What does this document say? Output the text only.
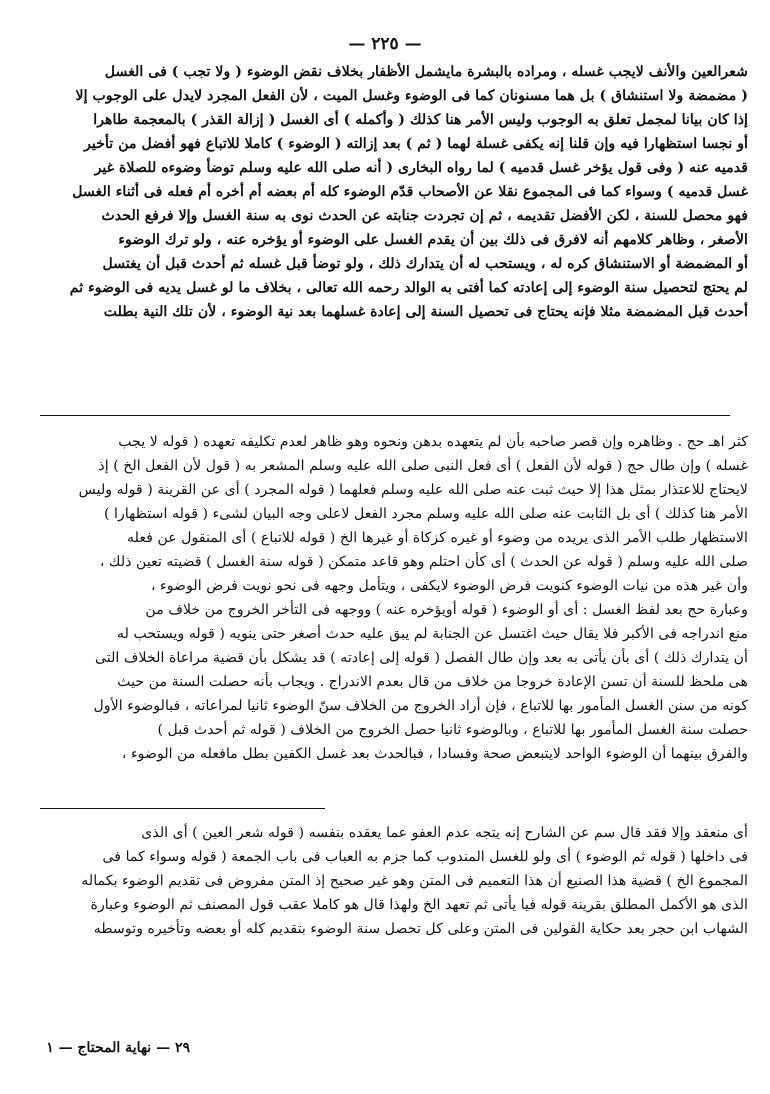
— ٢٢٥ —
شعرالعين والأنف لايجب غسله ، ومراده بالبشرة مايشمل الأظفار بخلاف نقض الوضوء ( ولا تجب ) فى الغسل
( مضمضة ولا استنشاق ) بل هما مسنونان كما فى الوضوء وغسل الميت ، لأن الفعل المجرد لايدل على الوجوب إلا
إذا كان بيانا لمجمل تعلق به الوجوب وليس الأمر هنا كذلك ( وأكمله ) أى الغسل ( إزالة القذر ) بالمعجمة طاهرا
أو نجسا استظهارا فيه وإن قلنا إنه يكفى غسلة لهما ( ثم ) بعد إزالته ( الوضوء ) كاملا للاتباع فهو أفضل من تأخير
قدميه عنه ( وفى قول يؤخر غسل قدميه ) لما رواه البخارى ( أنه صلى الله عليه وسلم توضأ وضوءه للصلاة غير
غسل قدميه ) وسواء كما فى المجموع نقلا عن الأصحاب قدّم الوضوء كله أم بعضه أم أخره أم فعله فى أثناء الغسل
فهو محصل للسنة ، لكن الأفضل تقديمه ، ثم إن تجردت جنابته عن الحدث نوى به سنة الغسل وإلا فرفع الحدث
الأصغر ، وظاهر كلامهم أنه لافرق فى ذلك بين أن يقدم الغسل على الوضوء أو يؤخره عنه ، ولو ترك الوضوء
أو المضمضة أو الاستنشاق كره له ، ويستحب له أن يتدارك ذلك ، ولو توضأ قبل غسله ثم أحدث قبل أن يغتسل
لم يحتج لتحصيل سنة الوضوء إلى إعادته كما أفتى به الوالد رحمه الله تعالى ، بخلاف ما لو غسل يديه فى الوضوء ثم
أحدث قبل المضمضة مثلا فإنه يحتاج فى تحصيل السنة إلى إعادة غسلهما بعد نية الوضوء ، لأن تلك النية بطلت
كثر اهـ حج . وظاهره وإن قصر صاحبه بأن لم يتعهده بدهن ونحوه وهو ظاهر لعدم تكليفه تعهده ( قوله لا يجب
غسله ) وإن طال حج ( قوله لأن الفعل ) أى فعل النبى صلى الله عليه وسلم المشعر به ( قول لأن الفعل الخ ) إذ
لايحتاج للاعتذار بمثل هذا إلا حيث ثبت عنه صلى الله عليه وسلم فعلهما ( قوله المجرد ) أى عن القرينة ( قوله وليس
الأمر هنا كذلك ) أى بل الثابت عنه صلى الله عليه وسلم مجرد الفعل لاعلى وجه البيان لشىء ( قوله استظهارا )
الاستظهار طلب الأمر الذى يريده من وضوء أو غيره كزكاة أو غيرها الخ ( قوله للاتباع ) أى المنقول عن فعله
صلى الله عليه وسلم ( قوله عن الحدث ) أى كأن احتلم وهو قاعد متمكن ( قوله سنة الغسل ) قضيته تعين ذلك ،
وأن غير هذه من نيات الوضوء كنويت فرض الوضوء لايكفى ، ويتأمل وجهه فى نحو نويت فرض الوضوء ،
وعبارة حج بعد لفظ الغسل : أى أو الوضوء ( قوله أويؤخره عنه ) ووجهه فى التأخر الخروج من خلاف من
منع اندراجه فى الأكبر فلا يقال حيث اغتسل عن الجنابة لم يبق عليه حدث أصغر حتى ينويه ( قوله ويستحب له
أن يتدارك ذلك ) أى بأن يأتى به بعد وإن طال الفصل ( قوله إلى إعادته ) قد يشكل بأن قضية مراعاة الخلاف التى
هى ملحظ للسنة أن تسن الإعادة خروجا من خلاف من قال بعدم الاندراج . ويجاب بأنه حصلت السنة من حيث
كونه من سنن الغسل المأمور بها للاتباع ، فإن أراد الخروج من الخلاف سنّ الوضوء ثانيا لمراعاته ، فبالوضوء الأول
حصلت سنة الغسل المأمور بها للاتباع ، وبالوضوء ثانيا حصل الخروج من الخلاف ( قوله ثم أحدث قبل )
والفرق بينهما أن الوضوء الواحد لايتبعض صحة وفسادا ، فبالحدث بعد غسل الكفين بطل مافعله من الوضوء ،
أى منعقد وإلا فقد قال سم عن الشارح إنه يتجه عدم العفو عما يعقده بنفسه ( قوله شعر العين ) أى الذى
فى داخلها ( قوله ثم الوضوء ) أى ولو للغسل المندوب كما جزم به العباب فى باب الجمعة ( قوله وسواء كما فى
المجموع الخ ) قضية هذا الصنيع أن هذا التعميم فى المتن وهو غير صحيح إذ المتن مفروض فى تقديم الوضوء بكماله
الذى هو الأكمل المطلق بقرينة قوله فيا يأتى ثم تعهد الخ ولهذا قال هو كاملا عقب قول المصنف ثم الوضوء وعبارة
الشهاب ابن حجر بعد حكاية القولين فى المتن وعلى كل تحصل سنة الوضوء بتقديم كله أو بعضه وتأخيره وتوسطه
٢٩ — نهاية المحتاج — ١
